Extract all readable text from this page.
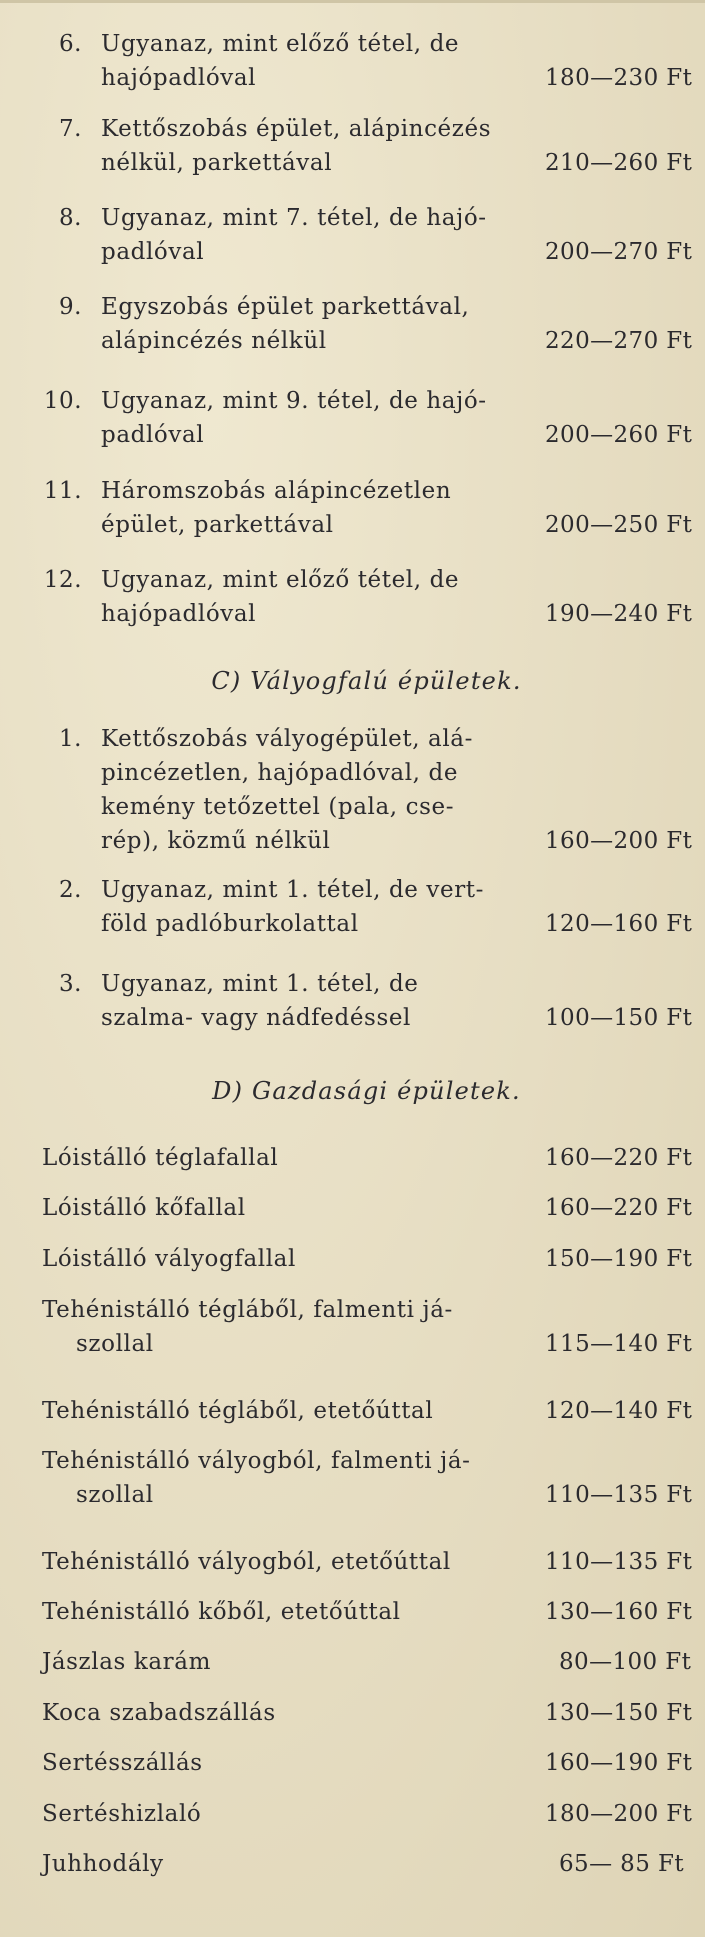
6. Ugyanaz, mint előző tétel, de
hajópadlóval	180—230 Ft
7. Kettőszobás épület, alápincézés
nélkül, parkettával	210—260 Ft
8. Ugyanaz, mint 7. tétel, de hajó-
padlóval	200—270 Ft
9. Egyszobás épület parkettával,
alápincézés nélkül	220—270 Ft
10. Ugyanaz, mint 9. tétel, de hajó-
padlóval	200—260 Ft
11. Háromszobás alápincézetlen
épület, parkettával	200—250 Ft
12. Ugyanaz, mint előző tétel, de
hajópadlóval	190—240 Ft
C) Vályogfalú épületek.
1. Kettőszobás vályogépület, alá-
pincézetlen, hajópadlóval, de
kemény tetőzettel (pala, cse-
rép), közmű nélkül	160—200 Ft
2. Ugyanaz, mint 1. tétel, de vert-
föld padlóburkolattal	120—160 Ft
3. Ugyanaz, mint 1. tétel, de
szalma- vagy nádfedéssel	100—150 Ft
D) Gazdasági épületek.
Lóistálló téglafallal	160—220 Ft
Lóistálló kőfallal	160—220 Ft
Lóistálló vályogfallal	150—190 Ft
Tehénistálló tégláből, falmenti já-
szollal	115—140 Ft
Tehénistálló tégláből, etetőúttal	120—140 Ft
Tehénistálló vályogból, falmenti já-
szollal	110—135 Ft
Tehénistálló vályogból, etetőúttal	110—135 Ft
Tehénistálló kőből, etetőúttal	130—160 Ft
Jászlas karám	80—100 Ft
Koca szabadszállás	130—150 Ft
Sertésszállás	160—190 Ft
Sertéshizlaló	180—200 Ft
Juhhodály	65— 85 Ft
